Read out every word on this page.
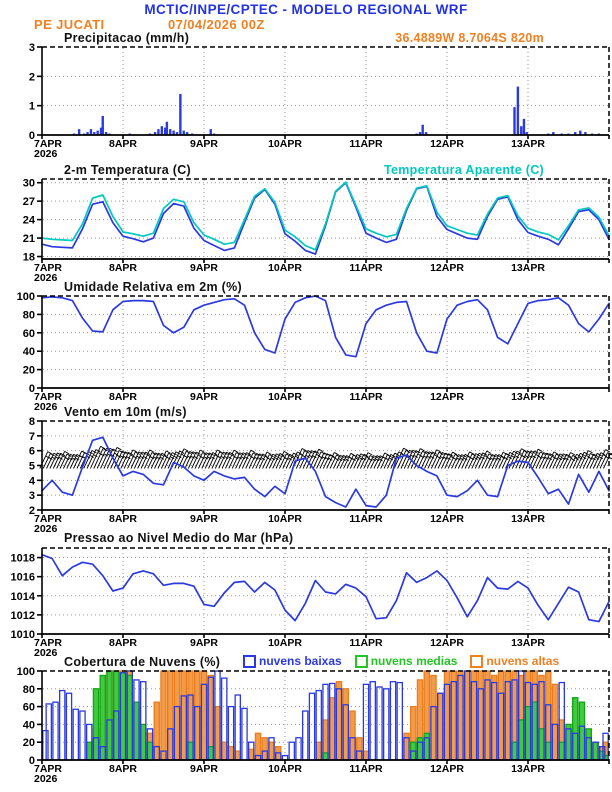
MCTIC/INPE/CPTEC - MODELO REGIONAL WRF
PE JUCATI	07/04/2026 00Z
Precipitacao (mm/h)	36.4889W 8.7064S 820m
2-m Temperatura (C)	Temperatura Aparente (C)
Umidade Relativa em 2m (%)
Vento em 10m (m/s)
Pressao ao Nivel Medio do Mar (hPa)
Cobertura de Nuvens (%)	nuvens baixas nuvens medias nuvens altas
0
1
2
3
7APR	8APR	9APR	10APR	11APR	12APR	13APR
2026
18
21
24
27
30
7APR	8APR	9APR	10APR	11APR	12APR	13APR
2026
0
20
40
60
80
100
7APR	8APR	9APR	10APR	11APR	12APR	13APR
2026
2
3
4
5
6
7
8
7APR	8APR	9APR	10APR	11APR	12APR	13APR
2026
1010
1012
1014
1016
1018
7APR	8APR	9APR	10APR	11APR	12APR	13APR
2026
0
20
40
60
80
100
7APR	8APR	9APR	10APR	11APR	12APR	13APR
2026
